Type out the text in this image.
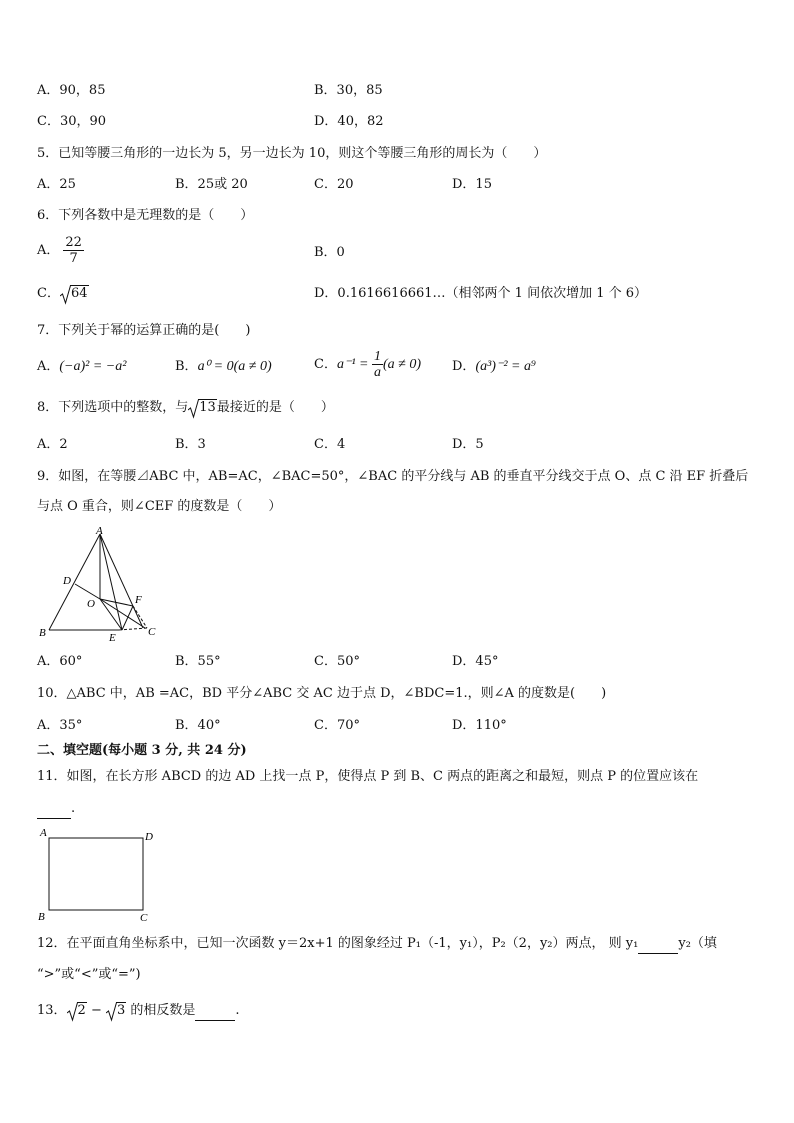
A．90，85	B．30，85
C．30，90	D．40，82
5．已知等腰三角形的一边长为 5，另一边长为 10，则这个等腰三角形的周长为（　　）
A．25	B．25或 20	C．20	D．15
6．下列各数中是无理数的是（　　）
A． $\frac{22}{7}$	B．0
C． 64	D．0.1616616661…（相邻两个 1 间依次增加 1 个 6）
7．下列关于幂的运算正确的是(　　)
A．(−a)² = −a²	B．a⁰ = 0(a ≠ 0)	C．$a^{-1} = \frac{1}{a} (a \ne 0)$ D．(a³)⁻² = a⁹
8．下列选项中的整数，与 13最接近的是（　　）
A．2	B．3	C．4	D．5
9．如图，在等腰⊿ABC 中，AB=AC，∠BAC=50°，∠BAC 的平分线与 AB 的垂直平分线交于点 O、点 C 沿 EF 折叠后
与点 O 重合，则∠CEF 的度数是（　　）
A
B	C
D
E
F
O
A．60°	B．55°	C．50°	D．45°
10．△ABC 中，AB =AC，BD 平分∠ABC 交 AC 边于点 D，∠BDC=1.，则∠A 的度数是(　　)
A．35°	B．40°	C．70°	D．110°
二、填空题(每小题 3 分, 共 24 分)
11．如图，在长方形 ABCD 的边 AD 上找一点 P，使得点 P 到 B、C 两点的距离之和最短，则点 P 的位置应该在
.
A	D
B	C
12．在平面直角坐标系中，已知一次函数 y＝2x+1 的图象经过 P₁（-1，y₁），P₂（2，y₂）两点， 则 y₁	y₂（填
“>”或“<”或“=”)
13． 2 −
3 的相反数是	.
